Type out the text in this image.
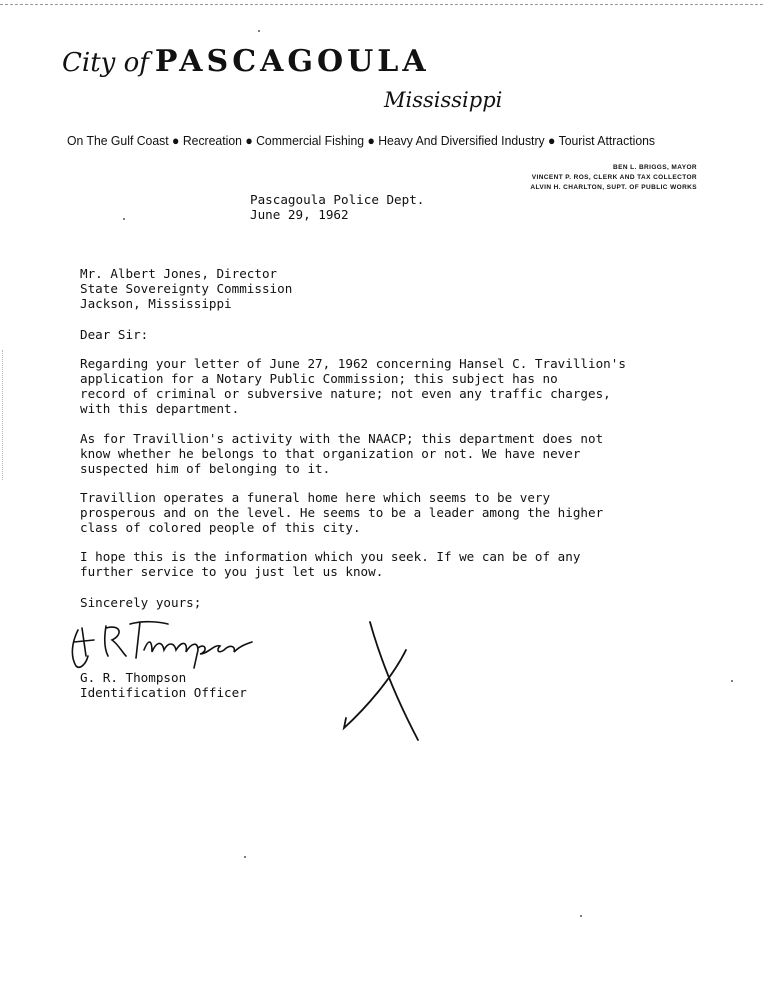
City of PASCAGOULA
Mississippi
On The Gulf Coast ● Recreation ● Commercial Fishing ● Heavy And Diversified Industry ● Tourist Attractions
BEN L. BRIGGS, MAYOR
VINCENT P. ROS, CLERK AND TAX COLLECTOR
ALVIN H. CHARLTON, SUPT. OF PUBLIC WORKS
Pascagoula Police Dept.
June 29, 1962
Mr. Albert Jones, Director
State Sovereignty Commission
Jackson, Mississippi
Dear Sir:
Regarding your letter of June 27, 1962 concerning Hansel C. Travillion's
application for a Notary Public Commission; this subject has no
record of criminal or subversive nature; not even any traffic charges,
with this department.
As for Travillion's activity with the NAACP; this department does not
know whether he belongs to that organization or not. We have never
suspected him of belonging to it.
Travillion operates a funeral home here which seems to be very
prosperous and on the level. He seems to be a leader among the higher
class of colored people of this city.
I hope this is the information which you seek. If we can be of any
further service to you just let us know.
Sincerely yours;
G. R. Thompson
Identification Officer
